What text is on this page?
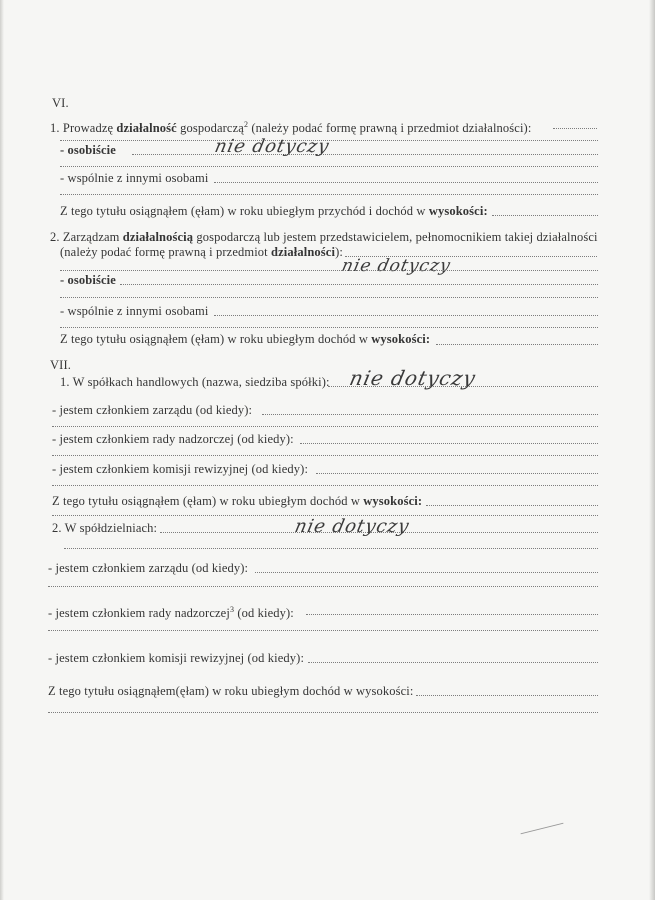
VI.
1. Prowadzę działalność gospodarczą$^2$ (należy podać formę prawną i przedmiot działalności):
- osobiście	nie dotyczy
- wspólnie z innymi osobami
Z tego tytułu osiągnąłem (ęłam) w roku ubiegłym przychód i dochód w wysokości:
2. Zarządzam działalnością gospodarczą lub jestem przedstawicielem, pełnomocnikiem takiej działalności
(należy podać formę prawną i przedmiot działalności):
nie dotyczy
- osobiście
- wspólnie z innymi osobami
Z tego tytułu osiągnąłem (ęłam) w roku ubiegłym dochód w wysokości:
VII.
1. W spółkach handlowych (nazwa, siedziba spółki): nie dotyczy
- jestem członkiem zarządu (od kiedy):
- jestem członkiem rady nadzorczej (od kiedy):
- jestem członkiem komisji rewizyjnej (od kiedy):
Z tego tytułu osiągnąłem (ęłam) w roku ubiegłym dochód w wysokości:
2. W spółdzielniach:	nie dotyczy
- jestem członkiem zarządu (od kiedy):
- jestem członkiem rady nadzorczej$^3$ (od kiedy):
- jestem członkiem komisji rewizyjnej (od kiedy):
Z tego tytułu osiągnąłem(ęłam) w roku ubiegłym dochód w wysokości:
